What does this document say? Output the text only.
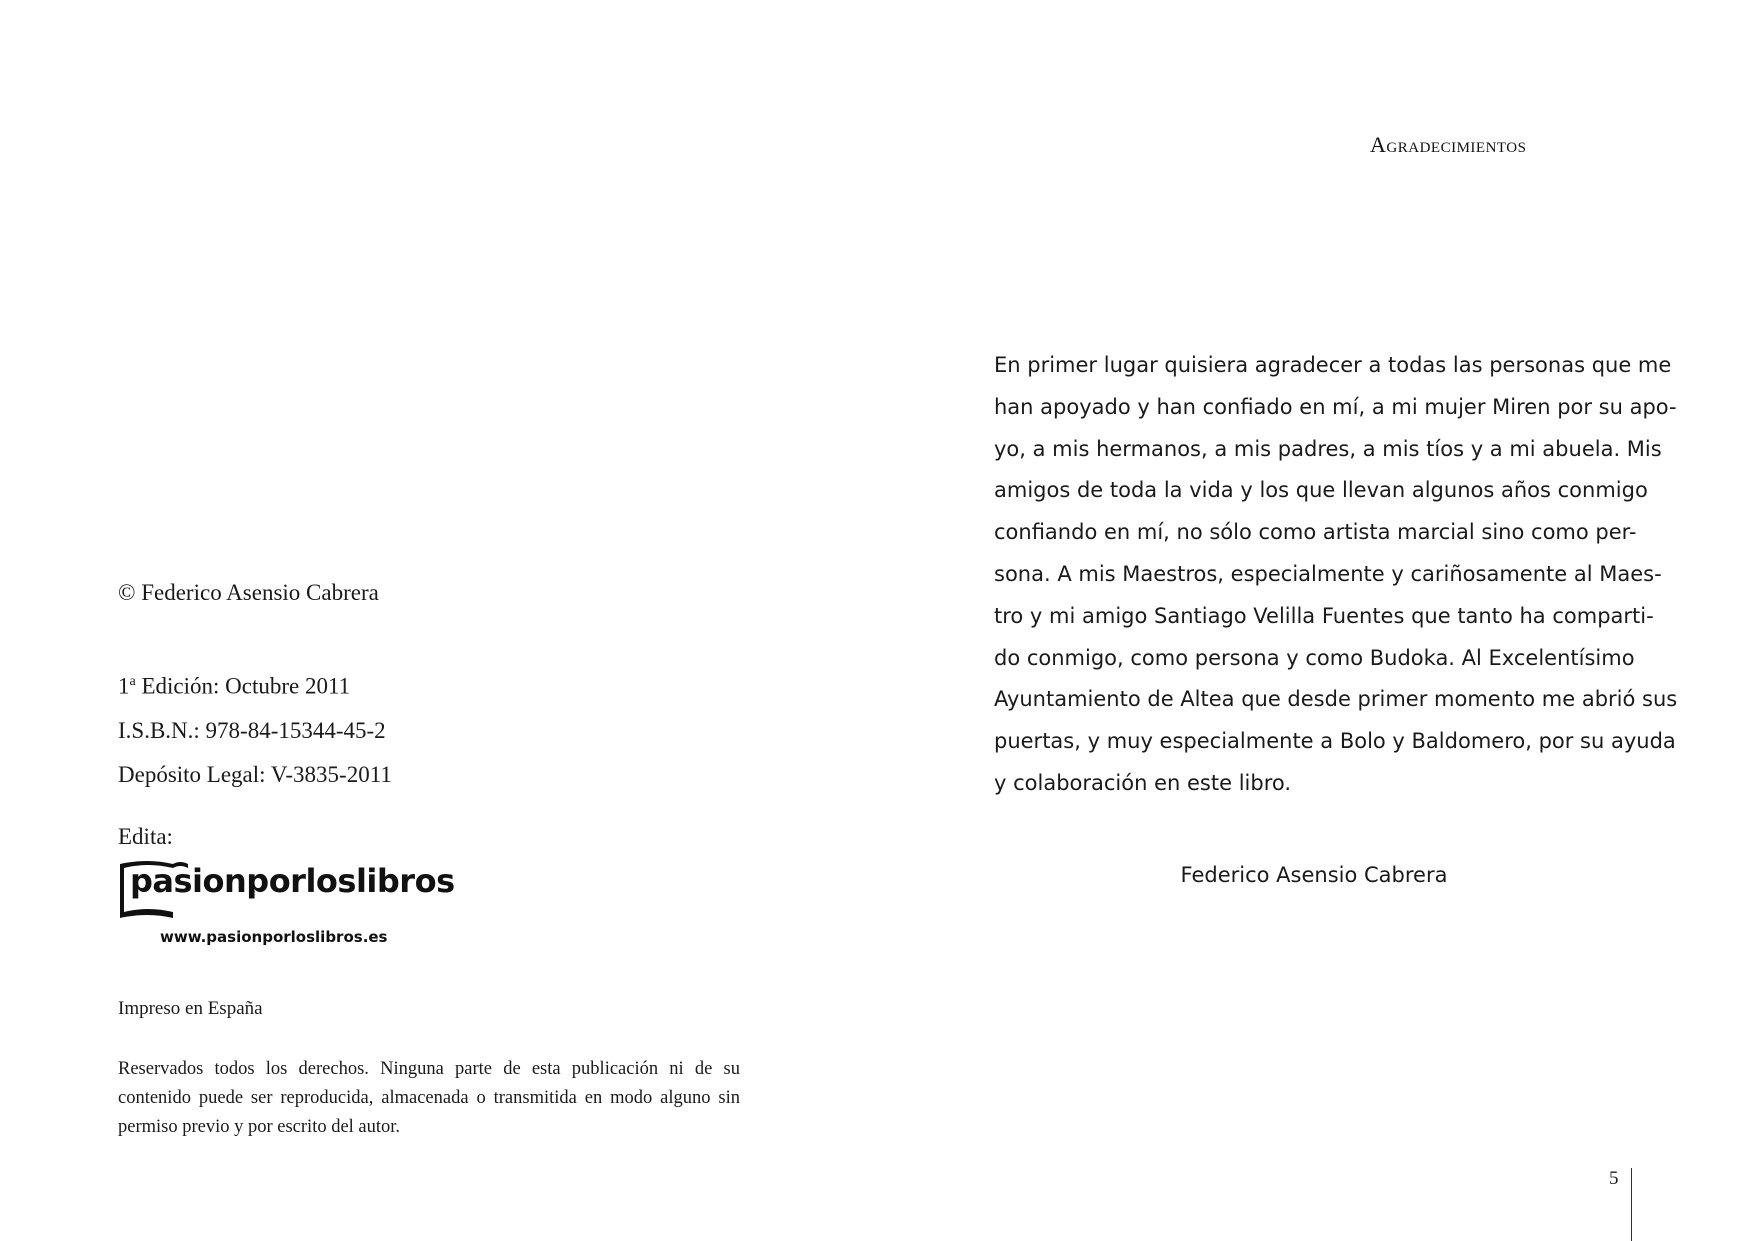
© Federico Asensio Cabrera
1$^a$ Edición: Octubre 2011
I.S.B.N.: 978-84-15344-45-2
Depósito Legal: V-3835-2011
Edita:
pasionporloslibros
www.pasionporloslibros.es
Impreso en España
Reservados todos los derechos. Ninguna parte de esta publicación ni de su contenido puede ser reproducida, almacenada o transmitida en modo alguno sin permiso previo y por escrito del autor.
Agradecimientos
En primer lugar quisiera agradecer a todas las personas que me
han apoyado y han confiado en mí, a mi mujer Miren por su apo-
yo, a mis hermanos, a mis padres, a mis tíos y a mi abuela. Mis
amigos de toda la vida y los que llevan algunos años conmigo
confiando en mí, no sólo como artista marcial sino como per-
sona. A mis Maestros, especialmente y cariñosamente al Maes-
tro y mi amigo Santiago Velilla Fuentes que tanto ha comparti-
do conmigo, como persona y como Budoka. Al Excelentísimo
Ayuntamiento de Altea que desde primer momento me abrió sus
puertas, y muy especialmente a Bolo y Baldomero, por su ayuda
y colaboración en este libro.
Federico Asensio Cabrera
5
